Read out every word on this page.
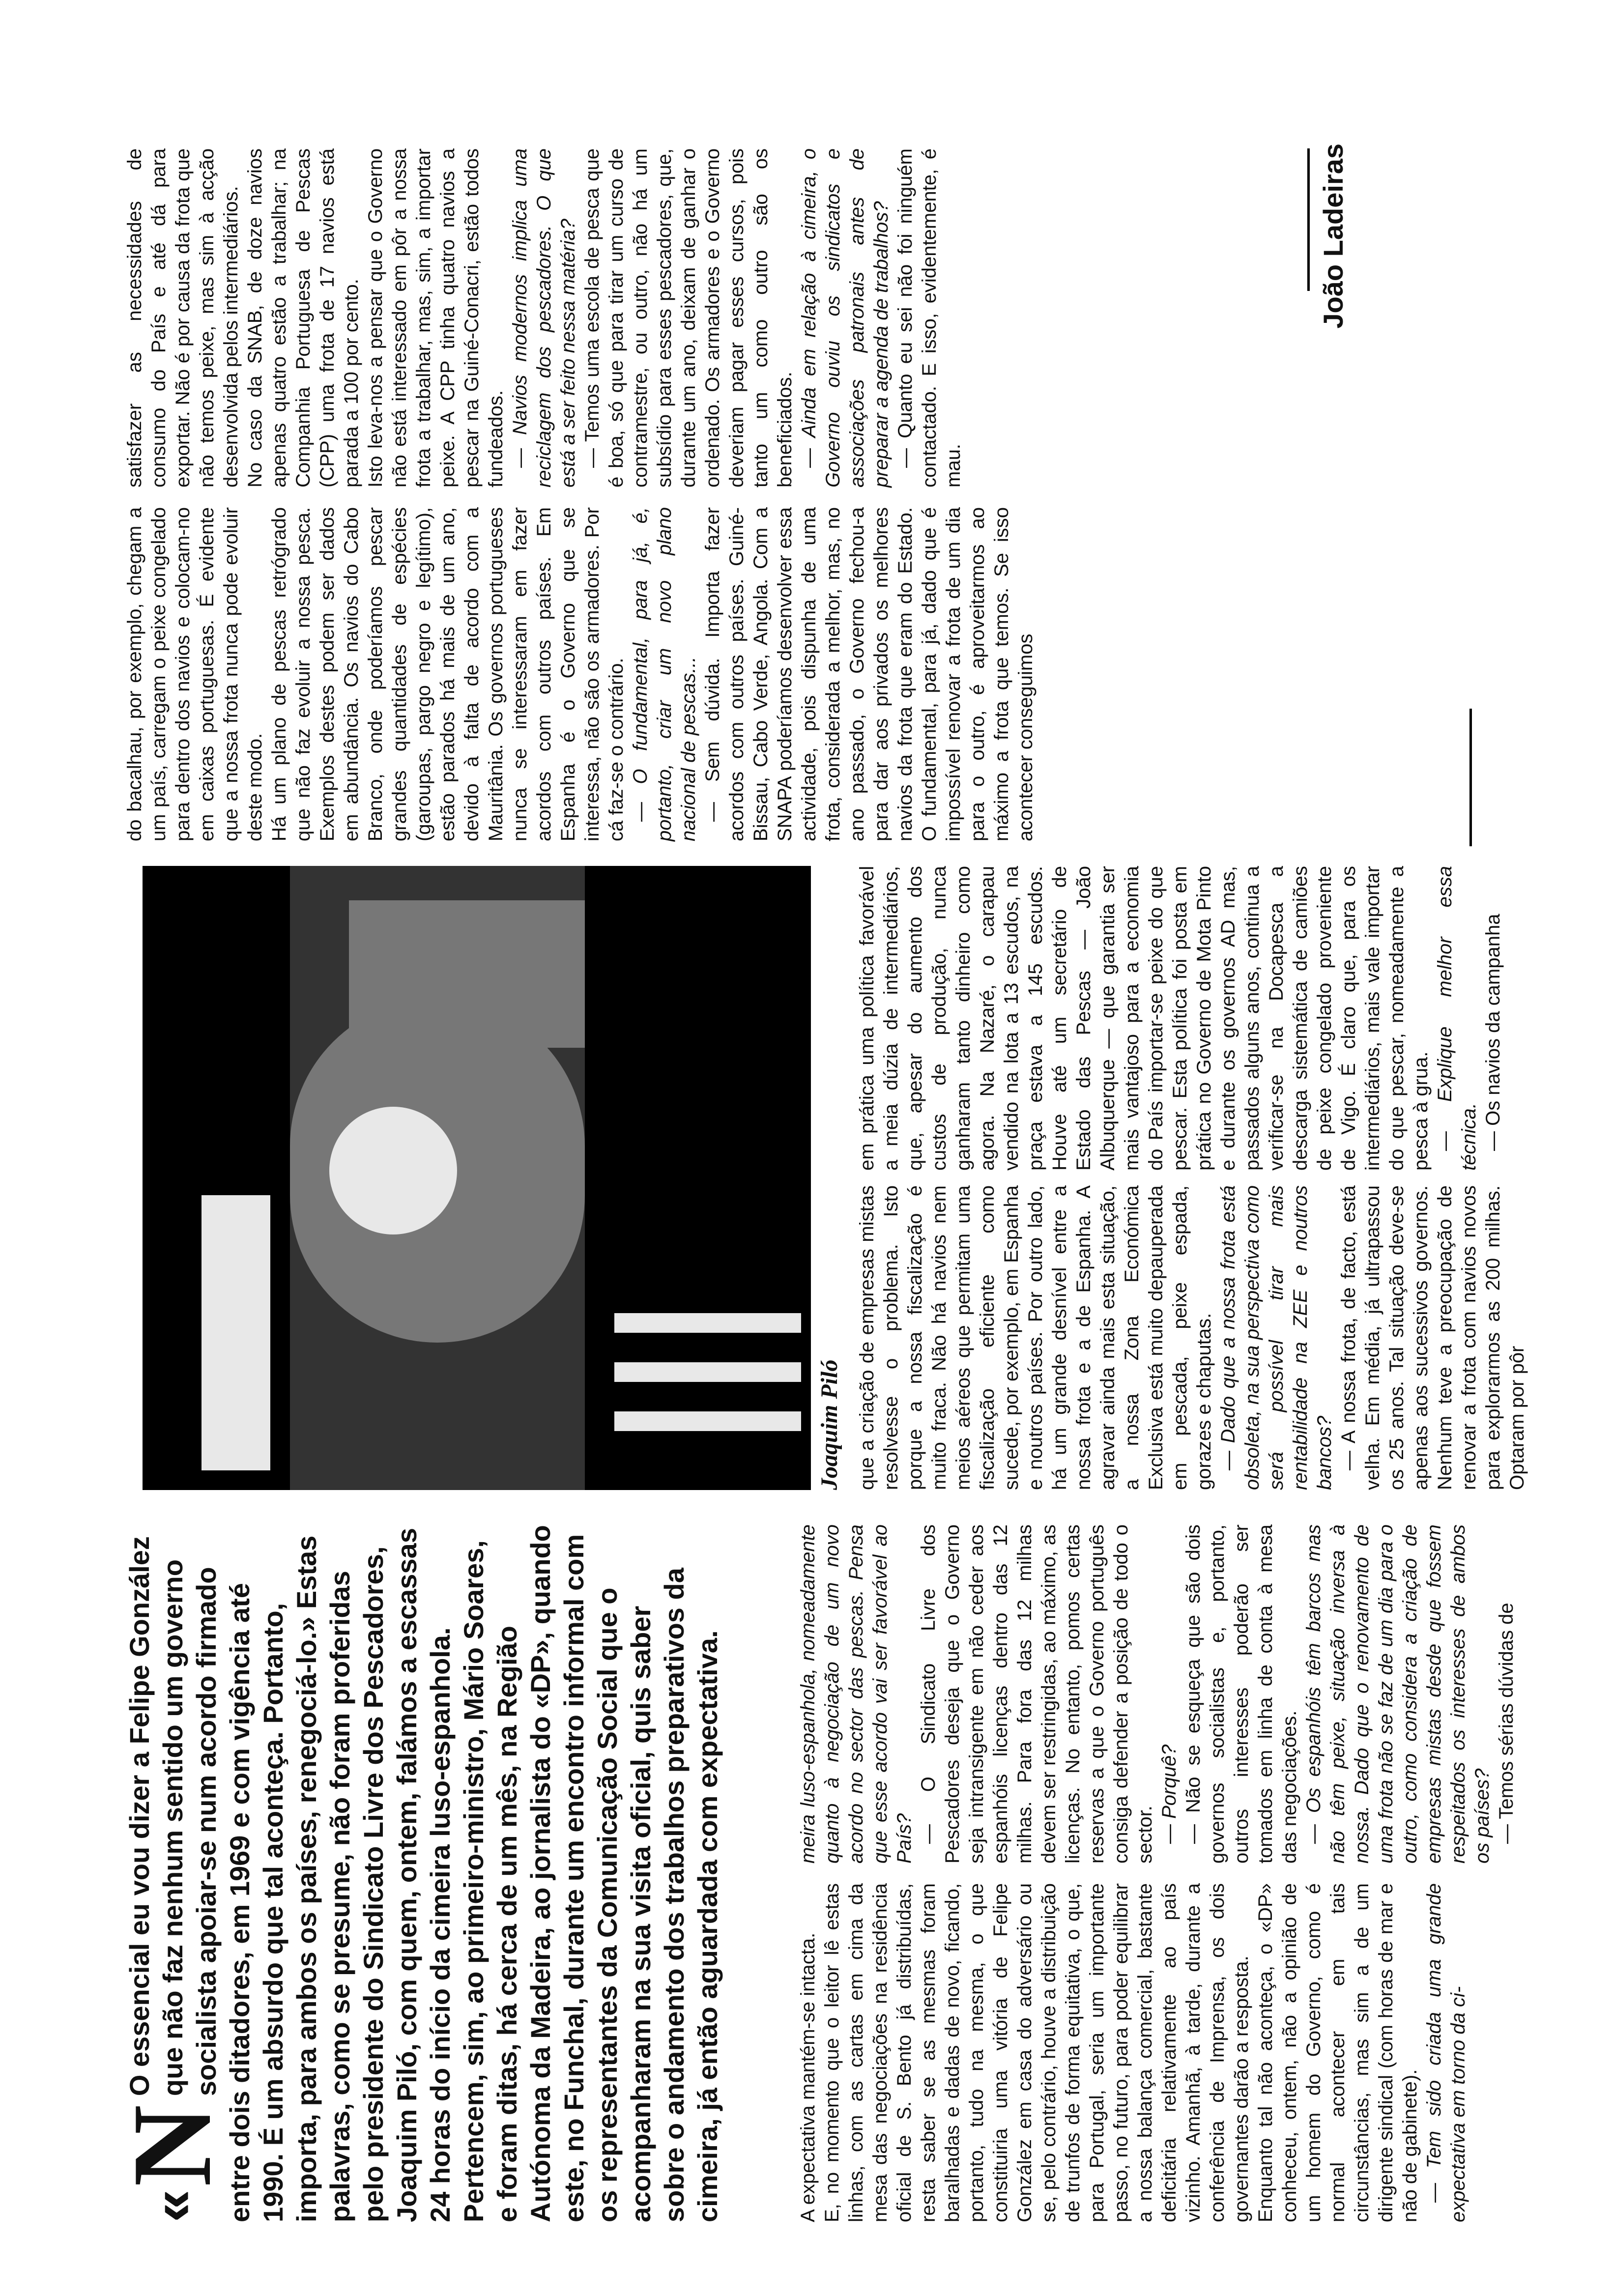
«
N
O essencial eu vou dizer a Felipe González que não faz nenhum sentido um governo socialista apoiar-se num acordo firmado entre dois ditadores, em 1969 e com vigência até 1990. É um absurdo que tal aconteça. Portanto, importa, para ambos os países, renegociá-lo.» Estas palavras, como se presume, não foram proferidas pelo presidente do Sindicato Livre dos Pescadores, Joaquim Piló, com quem, ontem, falámos a escassas 24 horas do início da cimeira luso-espanhola. Pertencem, sim, ao primeiro-ministro, Mário Soares, e foram ditas, há cerca de um mês, na Região Autónoma da Madeira, ao jornalista do «DP», quando este, no Funchal, durante um encontro informal com os representantes da Comunicação Social que o acompanharam na sua visita oficial, quis saber sobre o andamento dos trabalhos preparativos da cimeira, já então aguardada com expectativa.	A expectativa mantém-se intacta.
E, no momento que o leitor lê estas linhas, com as cartas em cima da mesa das negociações na residência oficial de S. Bento já distribuídas, resta saber se as mesmas foram baralhadas e dadas de novo, ficando, portanto, tudo na mesma, o que constituiria uma vitória de Felipe González em casa do adversário ou se, pelo contrário, houve a distribuição de trunfos de forma equitativa, o que, para Portugal, seria um importante passo, no futuro, para poder equilibrar a nossa balança comercial, bastante deficitária relativamente ao país vizinho. Amanhã, à tarde, durante a conferência de Imprensa, os dois governantes darão a resposta.
Enquanto tal não aconteça, o «DP» conheceu, ontem, não a opinião de um homem do Governo, como é normal acontecer em tais circunstâncias, mas sim a de um dirigente sindical (com horas de mar e não de gabinete). — Tem sido criada uma grande expectativa em torno da ci-

meira luso-espanhola, nomeadamente quanto à negociação de um novo acordo no sector das pescas. Pensa que esse acordo vai ser favorável ao País? — O Sindicato Livre dos Pescadores deseja que o Governo seja intransigente em não ceder aos espanhóis licenças dentro das 12 milhas. Para fora das 12 milhas devem ser restringidas, ao máximo, as licenças. No entanto, pomos certas reservas a que o Governo português consiga defender a posição de todo o sector. — Porquê? — Não se esqueça que são dois governos socialistas e, portanto, outros interesses poderão ser tomados em linha de conta à mesa das negociações. — Os espanhóis têm barcos mas não têm peixe, situação inversa à nossa. Dado que o renovamento de uma frota não se faz de um dia para o outro, como considera a criação de empresas mistas desde que fossem respeitados os interesses de ambos os países? — Temos sérias dúvidas de

Joaquim Piló que a criação de empresas mistas resolvesse o problema. Isto porque a nossa fiscalização é muito fraca. Não há navios nem meios aéreos que permitam uma fiscalização eficiente como sucede, por exemplo, em Espanha e noutros países. Por outro lado, há um grande desnível entre a nossa frota e a de Espanha. A agravar ainda mais esta situação, a nossa Zona Económica Exclusiva está muito depauperada em pescada, peixe espada, gorazes e chaputas. — Dado que a nossa frota está obsoleta, na sua perspectiva como será possível tirar mais rentabilidade na ZEE e noutros bancos? — A nossa frota, de facto, está velha. Em média, já ultrapassou os 25 anos. Tal situação deve-se apenas aos sucessivos governos. Nenhum teve a preocupação de renovar a frota com navios novos para explorarmos as 200 milhas. Optaram por pôr

em prática uma política favorável a meia dúzia de intermediários, que, apesar do aumento dos custos de produção, nunca ganharam tanto dinheiro como agora. Na Nazaré, o carapau vendido na lota a 13 escudos, na praça estava a 145 escudos. Houve até um secretário de Estado das Pescas — João Albuquerque — que garantia ser mais vantajoso para a economia do País importar-se peixe do que pescar. Esta política foi posta em prática no Governo de Mota Pinto e durante os governos AD mas, passados alguns anos, continua a verificar-se na Docapesca a descarga sistemática de camiões de peixe congelado proveniente de Vigo. É claro que, para os intermediários, mais vale importar do que pescar, nomeadamente a pesca à grua. — Explique melhor essa técnica. — Os navios da campanha

do bacalhau, por exemplo, chegam a um país, carregam o peixe congelado para dentro dos navios e colocam-no em caixas portuguesas. É evidente que a nossa frota nunca pode evoluir deste modo.
Há um plano de pescas retrógrado que não faz evoluir a nossa pesca. Exemplos destes podem ser dados em abundância. Os navios do Cabo Branco, onde poderíamos pescar grandes quantidades de espécies (garoupas, pargo negro e legítimo), estão parados há mais de um ano, devido à falta de acordo com a Mauritânia. Os governos portugueses nunca se interessaram em fazer acordos com outros países. Em Espanha é o Governo que se interessa, não são os armadores. Por cá faz-se o contrário. — O fundamental, para já, é, portanto, criar um novo plano nacional de pescas... — Sem dúvida. Importa fazer acordos com outros países. Guiné-Bissau, Cabo Verde, Angola. Com a SNAPA poderíamos desenvolver essa actividade, pois dispunha de uma frota, considerada a melhor, mas, no ano passado, o Governo fechou-a para dar aos privados os melhores navios da frota que eram do Estado. O fundamental, para já, dado que é impossível renovar a frota de um dia para o outro, é aproveitarmos ao máximo a frota que temos. Se isso acontecer conseguimos

satisfazer as necessidades de consumo do País e até dá para exportar. Não é por causa da frota que não temos peixe, mas sim à acção desenvolvida pelos intermediários.
No caso da SNAB, de doze navios apenas quatro estão a trabalhar; na Companhia Portuguesa de Pescas (CPP) uma frota de 17 navios está parada a 100 por cento.
Isto leva-nos a pensar que o Governo não está interessado em pôr a nossa frota a trabalhar, mas, sim, a importar peixe. A CPP tinha quatro navios a pescar na Guiné-Conacri, estão todos fundeados. — Navios modernos implica uma reciclagem dos pescadores. O que está a ser feito nessa matéria? — Temos uma escola de pesca que é boa, só que para tirar um curso de contramestre, ou outro, não há um subsídio para esses pescadores, que, durante um ano, deixam de ganhar o ordenado. Os armadores e o Governo deveriam pagar esses cursos, pois tanto um como outro são os beneficiados. — Ainda em relação à cimeira, o Governo ouviu os sindicatos e associações patronais antes de preparar a agenda de trabalhos? — Quanto eu sei não foi ninguém contactado. E isso, evidentemente, é mau.

João Ladeiras
